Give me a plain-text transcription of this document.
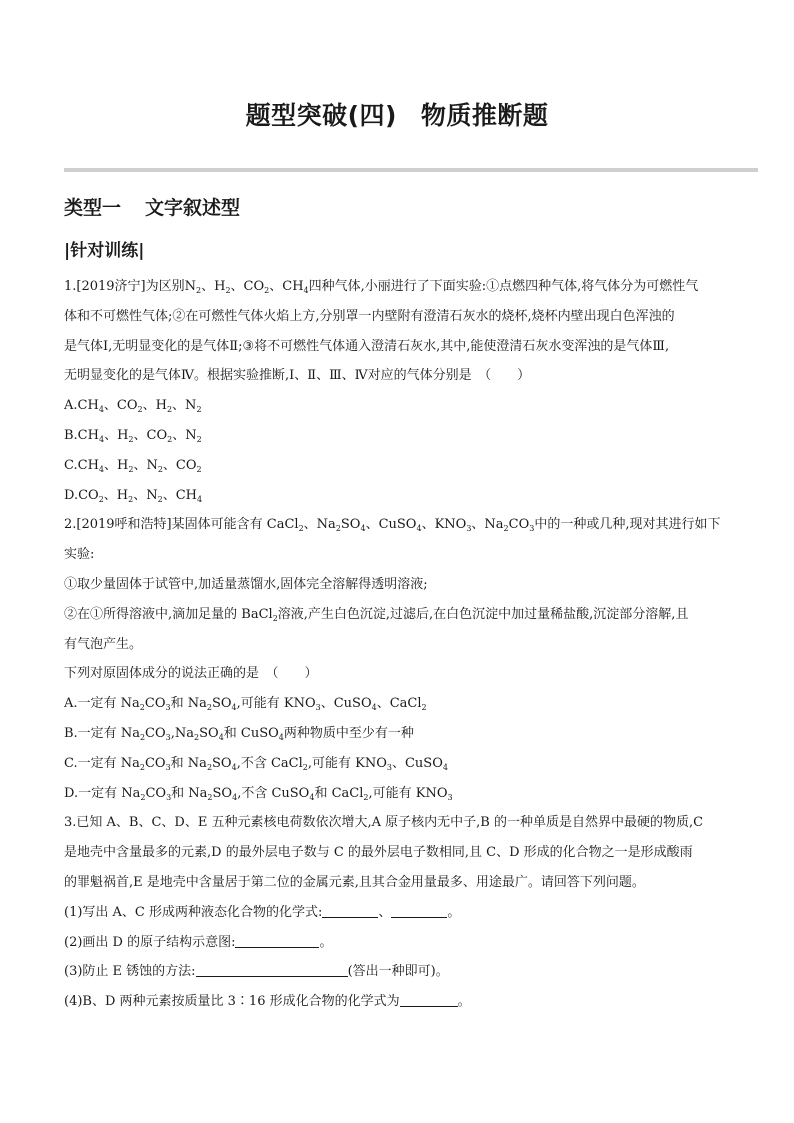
题型突破(四) 物质推断题
类型一 文字叙述型
|针对训练|

1.[2019济宁]为区别$N_2$、$H_2$、$CO_2$、$CH_4$四种气体,小丽进行了下面实验:①点燃四种气体,将气体分为可燃性气

体和不可燃性气体;②在可燃性气体火焰上方,分别罩一内壁附有澄清石灰水的烧杯,烧杯内壁出现白色浑浊的

是气体Ⅰ,无明显变化的是气体Ⅱ;③将不可燃性气体通入澄清石灰水,其中,能使澄清石灰水变浑浊的是气体Ⅲ,

无明显变化的是气体Ⅳ。根据实验推断,Ⅰ、Ⅱ、Ⅲ、Ⅳ对应的气体分别是　（　　）

$A.CH_4$、$CO_2$、$H_2$、$N_2$

$B.CH_4$、$H_2$、$CO_2$、$N_2$

$C.CH_4$、$H_2$、$N_2$、$CO_2$

$D.CO_2$、$H_2$、$N_2$、$CH_4$

2.[2019呼和浩特]某固体可能含有 CaCl$_2$、$Na_2SO_4$、CuSO$_4$、$KNO_3$、$Na_2CO_3$中的一种或几种,现对其进行如下

实验:

①取少量固体于试管中,加适量蒸馏水,固体完全溶解得透明溶液;

②在①所得溶液中,滴加足量的 BaCl$_2$溶液,产生白色沉淀,过滤后,在白色沉淀中加过量稀盐酸,沉淀部分溶解,且

有气泡产生。

下列对原固体成分的说法正确的是　（　　）

A.一定有 $Na_2CO_3$和 $Na_2SO_4$,可能有 $KNO_3$、CuSO$_4$、CaCl$_2$

B.一定有 $Na_2CO_3,Na_2SO_4$和 CuSO$_4$两种物质中至少有一种

C.一定有 $Na_2CO_3$和 $Na_2SO_4$,不含 CaCl$_2$,可能有 $KNO_3$、CuSO$_4$

D.一定有 $Na_2CO_3$和 $Na_2SO_4$,不含 CuSO$_4$和 CaCl$_2$,可能有 $KNO_3$

3.已知 A、B、C、D、E 五种元素核电荷数依次增大,A 原子核内无中子,B 的一种单质是自然界中最硬的物质,C

是地壳中含量最多的元素,D 的最外层电子数与 C 的最外层电子数相同,且 C、D 形成的化合物之一是形成酸雨

的罪魁祸首,E 是地壳中含量居于第二位的金属元素,且其合金用量最多、用途最广。请回答下列问题。

(1)写出 A、C 形成两种液态化合物的化学式:	、	。

(2)画出 D 的原子结构示意图:	。

(3)防止 E 锈蚀的方法:	(答出一种即可)。

(4)B、D 两种元素按质量比 3∶16 形成化合物的化学式为	。
